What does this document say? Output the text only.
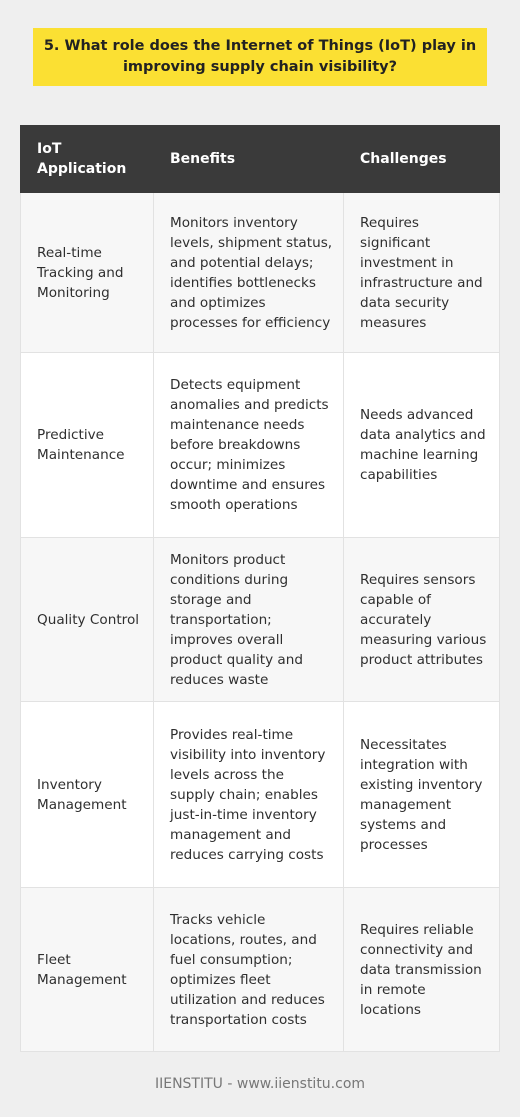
5. What role does the Internet of Things (IoT) play in improving supply chain visibility?
IoT Application	Benefits	Challenges
Real-time Tracking and Monitoring	Monitors inventory levels, shipment status, and potential delays; identifies bottlenecks and optimizes processes for efficiency	Requires significant investment in infrastructure and data security measures
Predictive Maintenance	Detects equipment anomalies and predicts maintenance needs before breakdowns occur; minimizes downtime and ensures smooth operations	Needs advanced data analytics and machine learning capabilities
Quality Control	Monitors product conditions during storage and transportation; improves overall product quality and reduces waste	Requires sensors capable of accurately measuring various product attributes
Inventory Management	Provides real-time visibility into inventory levels across the supply chain; enables just-in-time inventory management and reduces carrying costs	Necessitates integration with existing inventory management systems and processes
Fleet Management	Tracks vehicle locations, routes, and fuel consumption; optimizes fleet utilization and reduces transportation costs	Requires reliable connectivity and data transmission in remote locations
IIENSTITU - www.iienstitu.com
